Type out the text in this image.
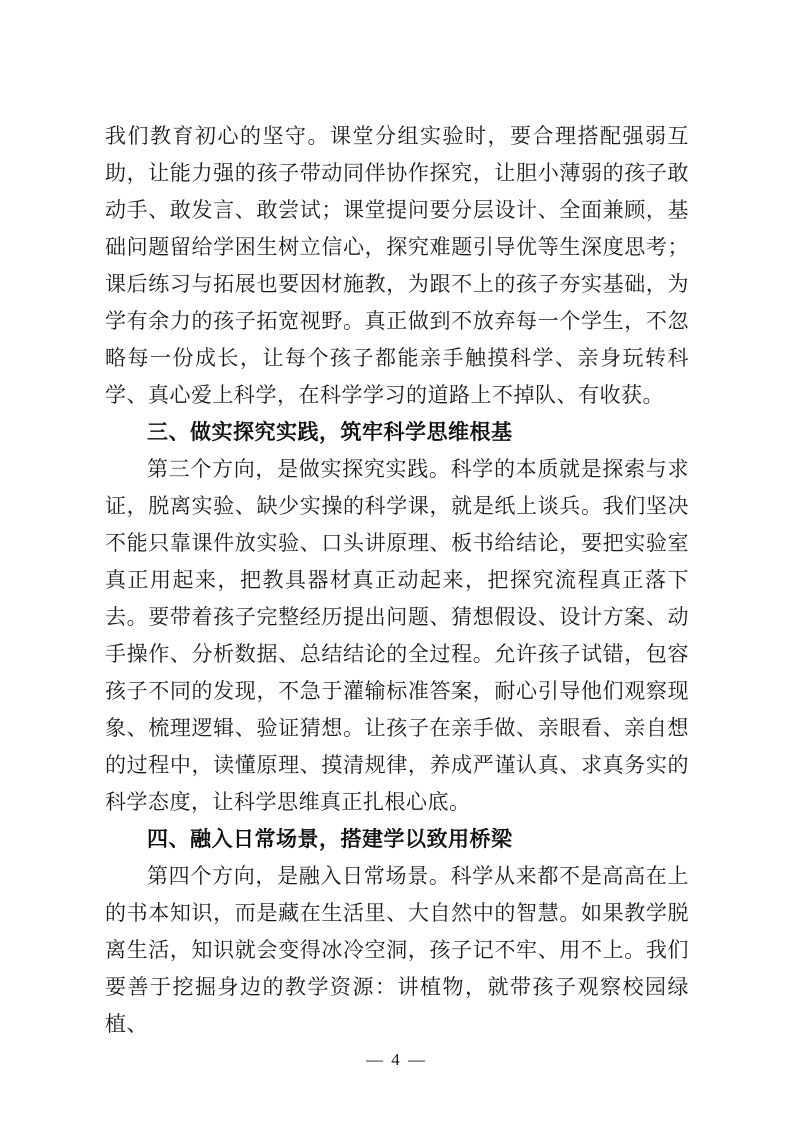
我们教育初心的坚守。课堂分组实验时，要合理搭配强弱互助，让能力强的孩子带动同伴协作探究，让胆小薄弱的孩子敢动手、敢发言、敢尝试；课堂提问要分层设计、全面兼顾，基础问题留给学困生树立信心，探究难题引导优等生深度思考；课后练习与拓展也要因材施教，为跟不上的孩子夯实基础，为学有余力的孩子拓宽视野。真正做到不放弃每一个学生，不忽略每一份成长，让每个孩子都能亲手触摸科学、亲身玩转科学、真心爱上科学，在科学学习的道路上不掉队、有收获。

三、做实探究实践，筑牢科学思维根基

第三个方向，是做实探究实践。科学的本质就是探索与求证，脱离实验、缺少实操的科学课，就是纸上谈兵。我们坚决不能只靠课件放实验、口头讲原理、板书给结论，要把实验室真正用起来，把教具器材真正动起来，把探究流程真正落下去。要带着孩子完整经历提出问题、猜想假设、设计方案、动手操作、分析数据、总结结论的全过程。允许孩子试错，包容孩子不同的发现，不急于灌输标准答案，耐心引导他们观察现象、梳理逻辑、验证猜想。让孩子在亲手做、亲眼看、亲自想的过程中，读懂原理、摸清规律，养成严谨认真、求真务实的科学态度，让科学思维真正扎根心底。

四、融入日常场景，搭建学以致用桥梁

第四个方向，是融入日常场景。科学从来都不是高高在上的书本知识，而是藏在生活里、大自然中的智慧。如果教学脱离生活，知识就会变得冰冷空洞，孩子记不牢、用不上。我们要善于挖掘身边的教学资源：讲植物，就带孩子观察校园绿植、

— 4 —
